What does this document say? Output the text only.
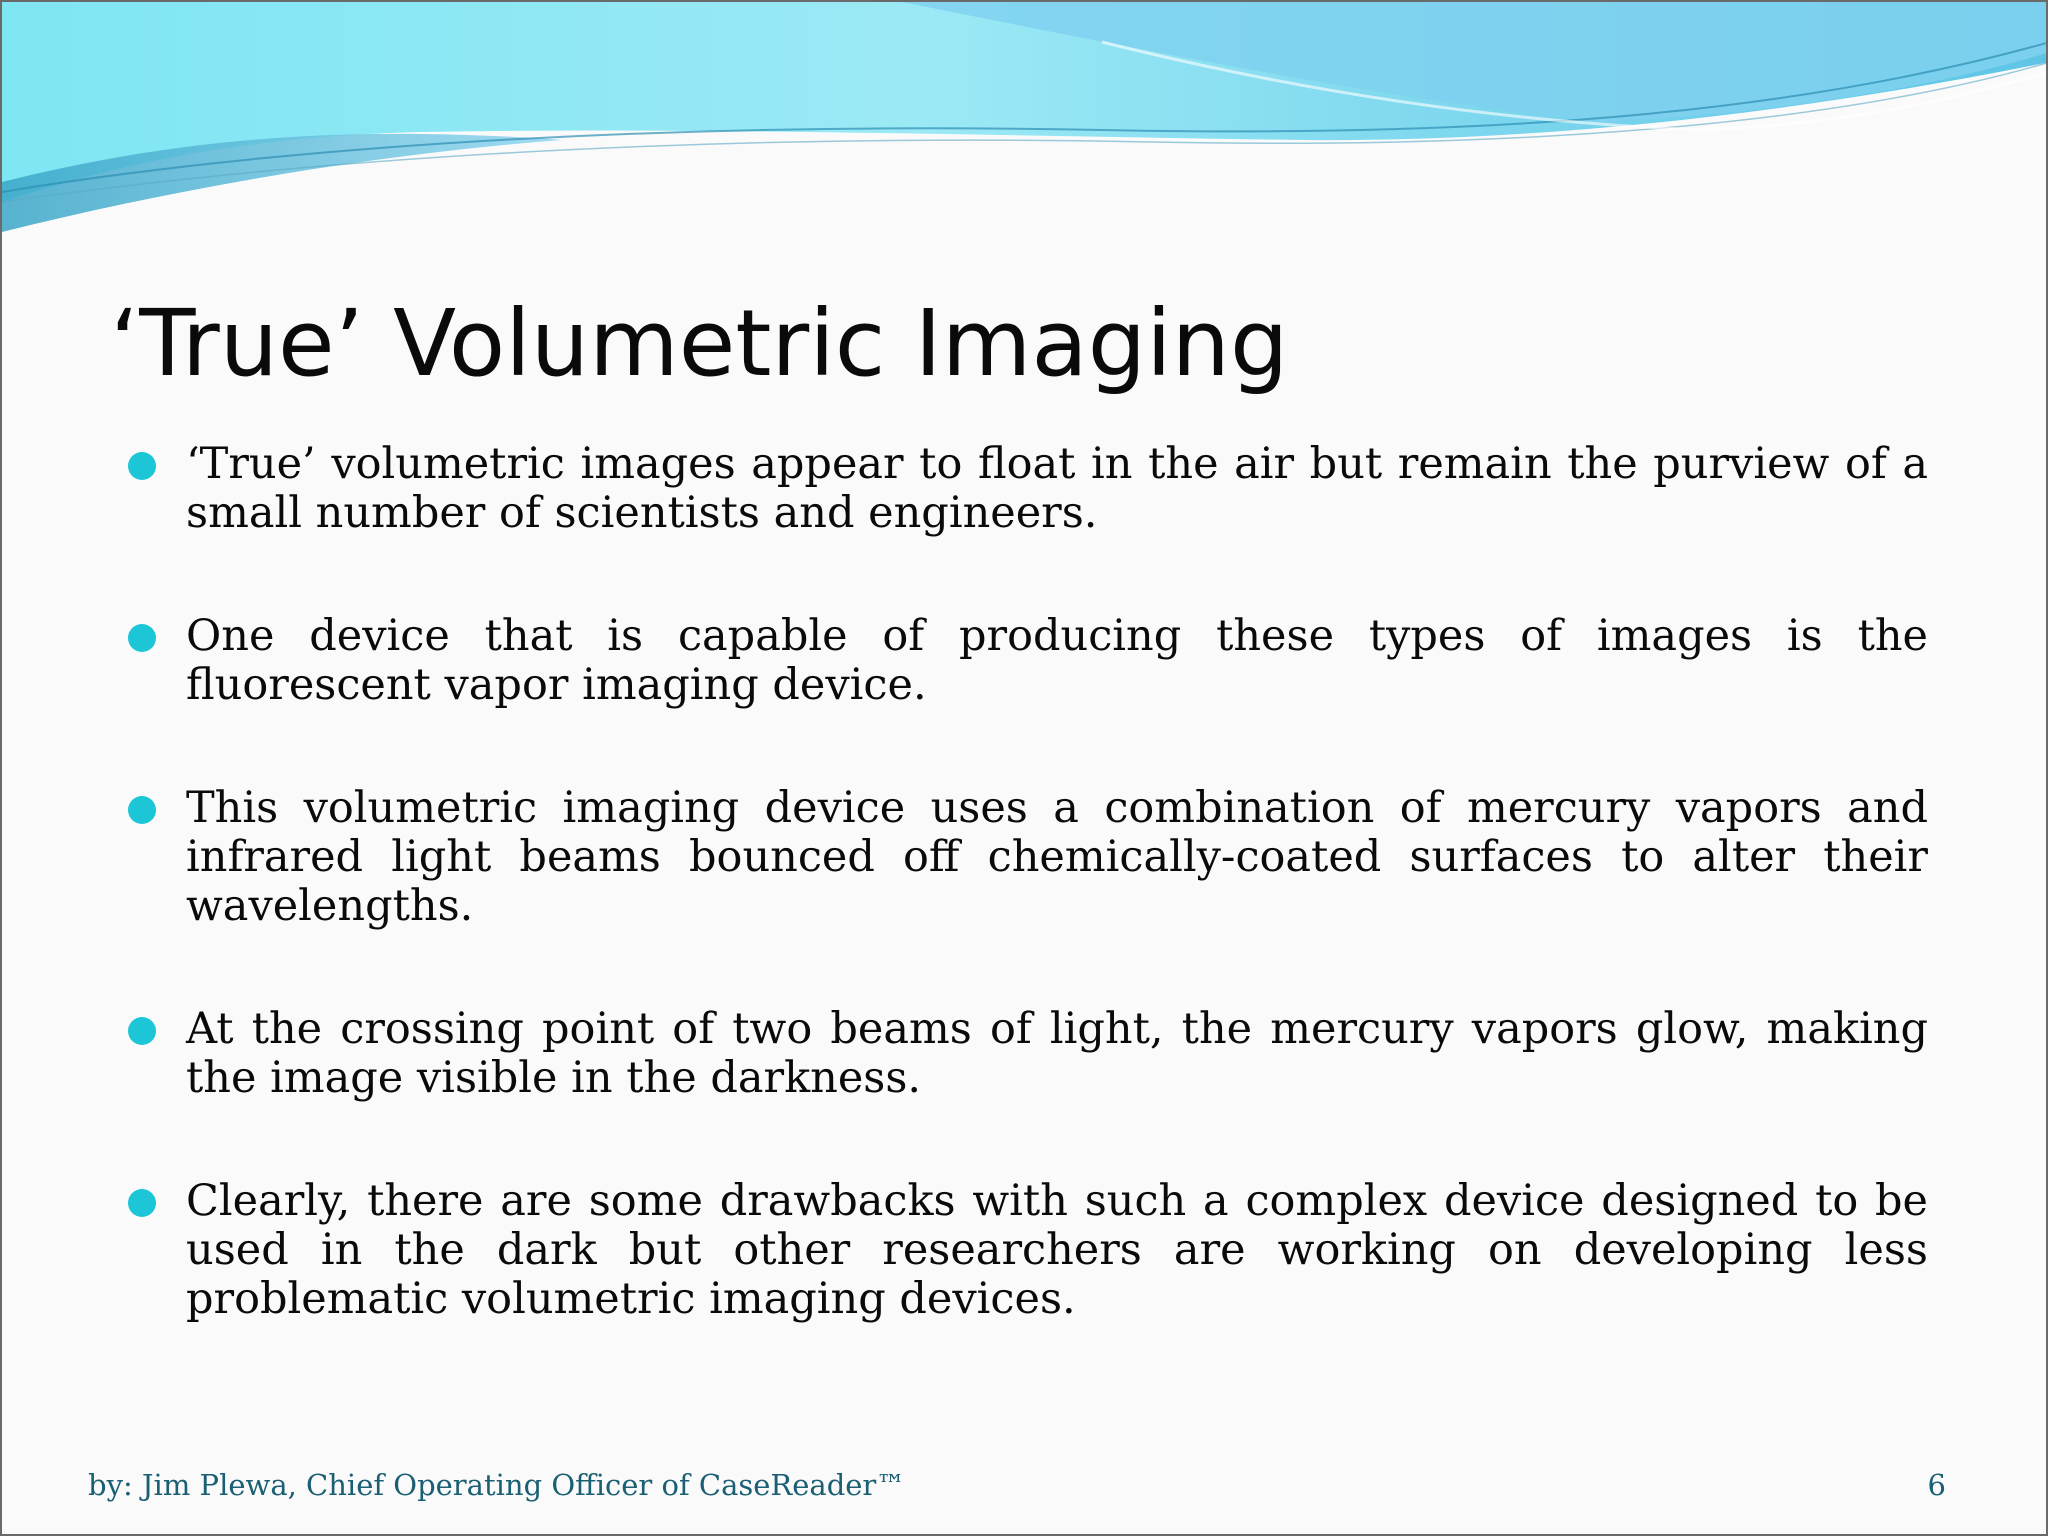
‘True’ Volumetric Imaging
‘True’ volumetric images appear to float in the air but remain the purview of a small number of scientists and engineers.
One device that is capable of producing these types of images is the fluorescent vapor imaging device.
This volumetric imaging device uses a combination of mercury vapors and infrared light beams bounced off chemically-coated surfaces to alter their wavelengths.
At the crossing point of two beams of light, the mercury vapors glow, making the image visible in the darkness.
Clearly, there are some drawbacks with such a complex device designed to be used in the dark but other researchers are working on developing less problematic volumetric imaging devices.
by: Jim Plewa, Chief Operating Officer of CaseReader™	6
